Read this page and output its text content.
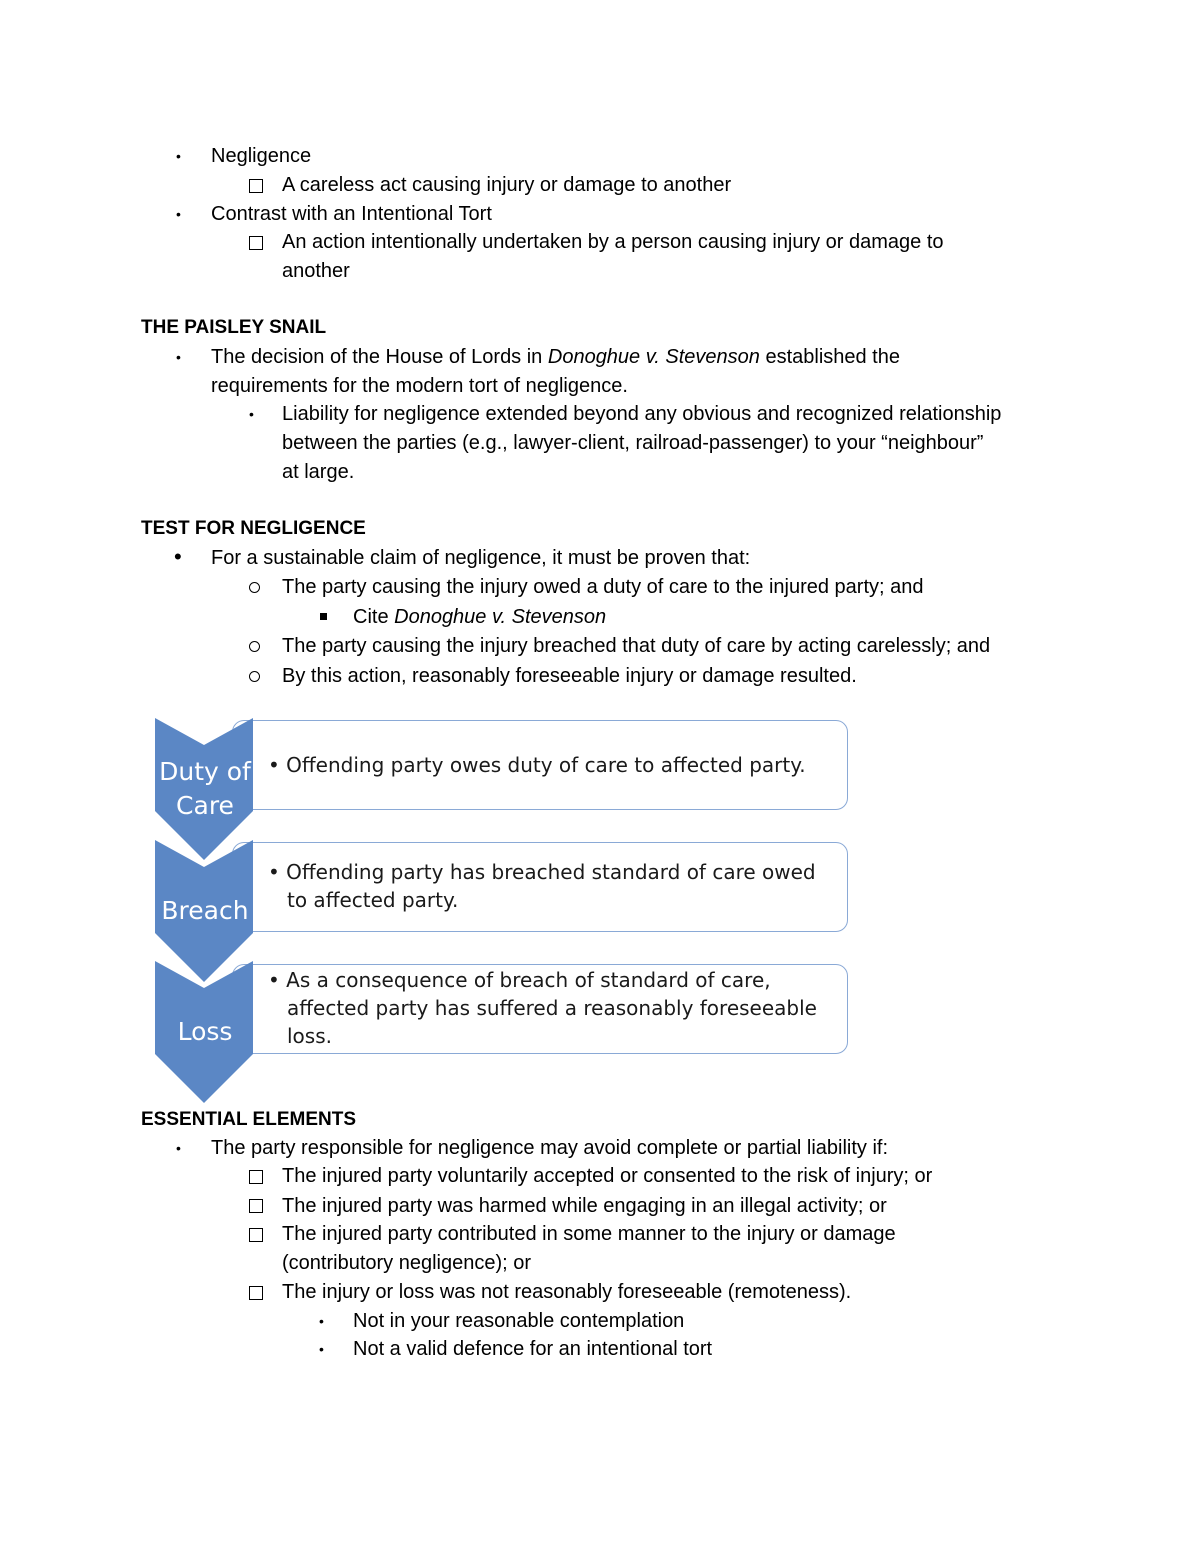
• Negligence
A careless act causing injury or damage to another
• Contrast with an Intentional Tort
An action intentionally undertaken by a person causing injury or damage to
another
THE PAISLEY SNAIL
• The decision of the House of Lords in Donoghue v. Stevenson established the
requirements for the modern tort of negligence.
• Liability for negligence extended beyond any obvious and recognized relationship
between the parties (e.g., lawyer-client, railroad-passenger) to your “neighbour”
at large.
TEST FOR NEGLIGENCE
• For a sustainable claim of negligence, it must be proven that:
The party causing the injury owed a duty of care to the injured party; and
Cite Donoghue v. Stevenson
The party causing the injury breached that duty of care by acting carelessly; and
By this action, reasonably foreseeable injury or damage resulted.
Duty of
Care
Breach
Loss
• Offending party owes duty of care to affected party.
• Offending party has breached standard of care owed
to affected party.
• As a consequence of breach of standard of care,
affected party has suffered a reasonably foreseeable
loss.
ESSENTIAL ELEMENTS
• The party responsible for negligence may avoid complete or partial liability if:
The injured party voluntarily accepted or consented to the risk of injury; or
The injured party was harmed while engaging in an illegal activity; or
The injured party contributed in some manner to the injury or damage
(contributory negligence); or
The injury or loss was not reasonably foreseeable (remoteness).
• Not in your reasonable contemplation
• Not a valid defence for an intentional tort
